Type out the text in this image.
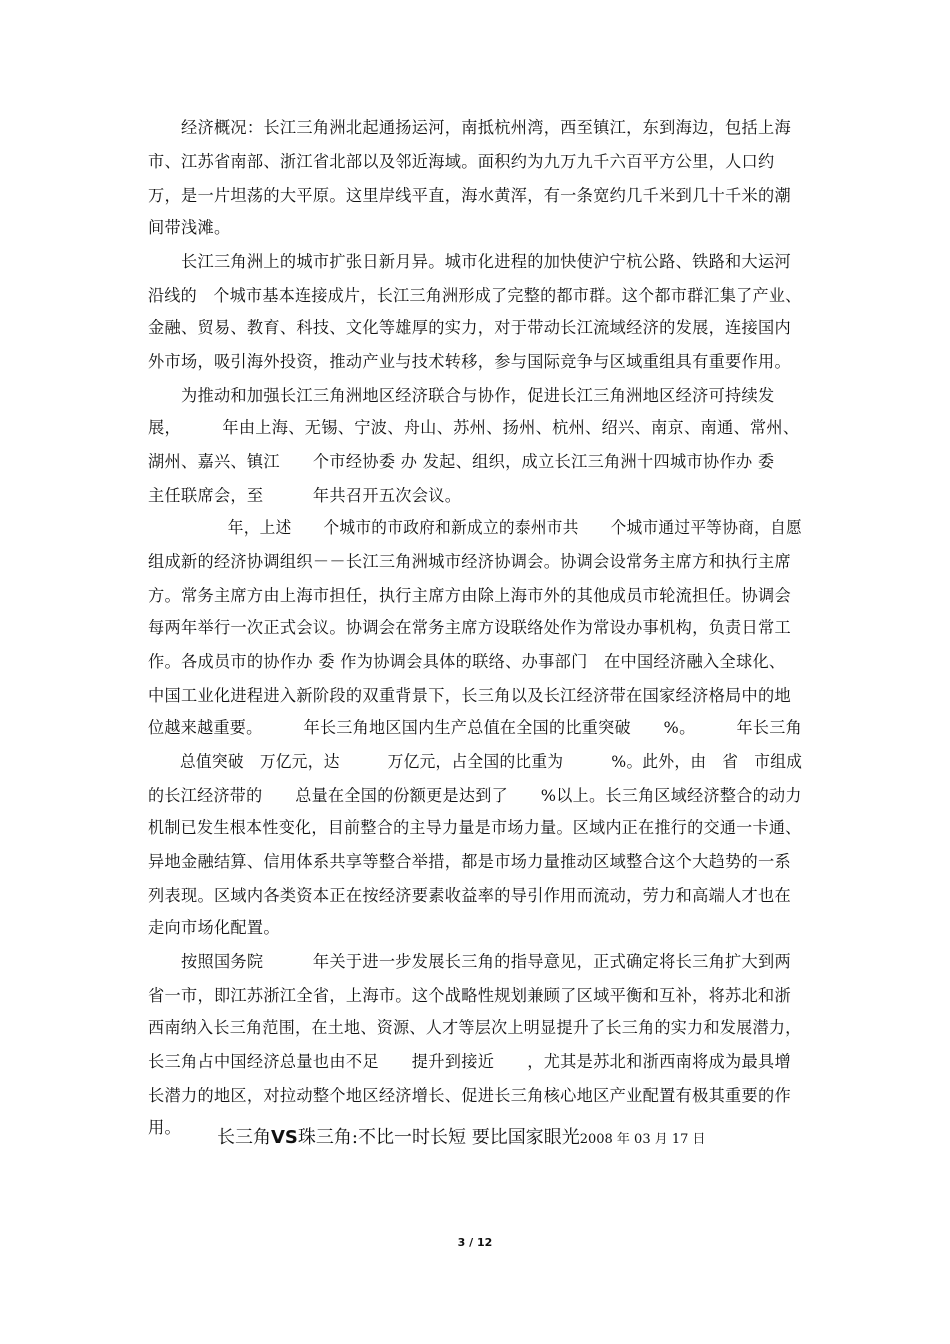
　　经济概况：长江三角洲北起通扬运河，南抵杭州湾，西至镇江，东到海边，包括上海
市、江苏省南部、浙江省北部以及邻近海域。面积约为九万九千六百平方公里，人口约
万，是一片坦荡的大平原。这里岸线平直，海水黄浑，有一条宽约几千米到几十千米的潮
间带浅滩。
　　长江三角洲上的城市扩张日新月异。城市化进程的加快使沪宁杭公路、铁路和大运河
沿线的　个城市基本连接成片，长江三角洲形成了完整的都市群。这个都市群汇集了产业、
金融、贸易、教育、科技、文化等雄厚的实力，对于带动长江流域经济的发展，连接国内
外市场，吸引海外投资，推动产业与技术转移，参与国际竞争与区域重组具有重要作用。
　　为推动和加强长江三角洲地区经济联合与协作，促进长江三角洲地区经济可持续发
展，　　　年由上海、无锡、宁波、舟山、苏州、扬州、杭州、绍兴、南京、南通、常州、
湖州、嘉兴、镇江　　个市经协委 办 发起、组织，成立长江三角洲十四城市协作办 委
主任联席会，至　　　年共召开五次会议。
　　　　　年，上述　　个城市的市政府和新成立的泰州市共　　个城市通过平等协商，自愿
组成新的经济协调组织－－长江三角洲城市经济协调会。协调会设常务主席方和执行主席
方。常务主席方由上海市担任，执行主席方由除上海市外的其他成员市轮流担任。协调会
每两年举行一次正式会议。协调会在常务主席方设联络处作为常设办事机构，负责日常工
作。各成员市的协作办 委 作为协调会具体的联络、办事部门　在中国经济融入全球化、
中国工业化进程进入新阶段的双重背景下，长三角以及长江经济带在国家经济格局中的地
位越来越重要。　　　年长三角地区国内生产总值在全国的比重突破　　%。　　　年长三角
　　总值突破　万亿元，达　　　万亿元，占全国的比重为　　　%。此外，由　省　市组成
的长江经济带的　　总量在全国的份额更是达到了　　%以上。长三角区域经济整合的动力
机制已发生根本性变化，目前整合的主导力量是市场力量。区域内正在推行的交通一卡通、
异地金融结算、信用体系共享等整合举措，都是市场力量推动区域整合这个大趋势的一系
列表现。区域内各类资本正在按经济要素收益率的导引作用而流动，劳力和高端人才也在
走向市场化配置。
　　按照国务院　　　年关于进一步发展长三角的指导意见，正式确定将长三角扩大到两
省一市，即江苏浙江全省，上海市。这个战略性规划兼顾了区域平衡和互补，将苏北和浙
西南纳入长三角范围，在土地、资源、人才等层次上明显提升了长三角的实力和发展潜力，
长三角占中国经济总量也由不足　　提升到接近　　，尤其是苏北和浙西南将成为最具增
长潜力的地区，对拉动整个地区经济增长、促进长三角核心地区产业配置有极其重要的作
用。 长三角VS珠三角:不比一时长短 要比国家眼光2008 年 03 月 17 日
3 / 12
